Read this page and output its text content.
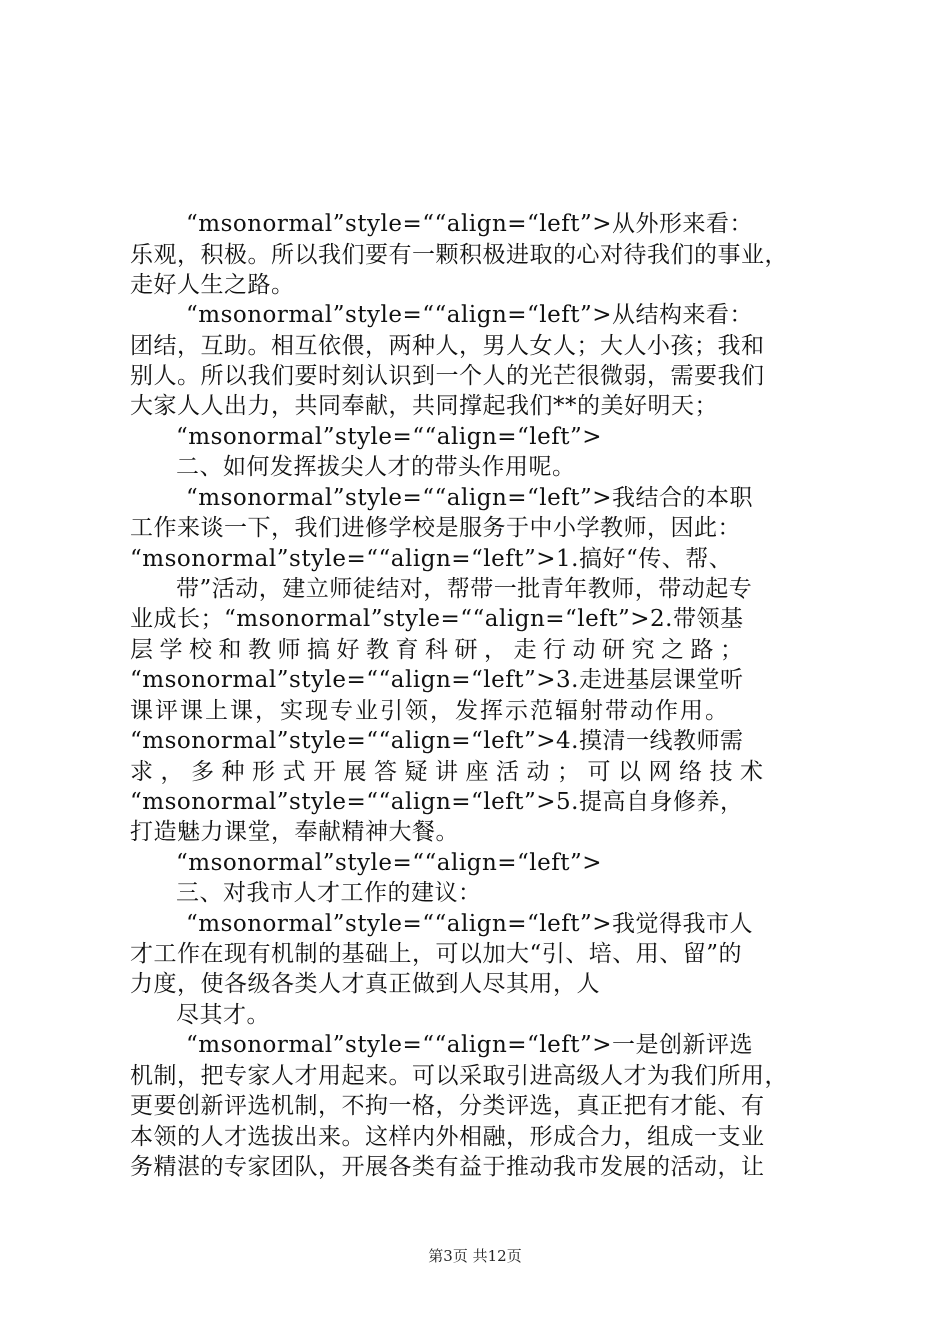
“msonormal”style=““align=“left”>从外形来看：
乐观，积极。所以我们要有一颗积极进取的心对待我们的事业，
走好人生之路。
“msonormal”style=““align=“left”>从结构来看：
团结，互助。相互依偎，两种人，男人女人；大人小孩；我和
别人。所以我们要时刻认识到一个人的光芒很微弱，需要我们
大家人人出力，共同奉献，共同撑起我们**的美好明天；
“msonormal”style=““align=“left”>
二、如何发挥拔尖人才的带头作用呢。
“msonormal”style=““align=“left”>我结合的本职
工作来谈一下，我们进修学校是服务于中小学教师，因此：
“msonormal”style=““align=“left”>1.搞好“传、帮、
带”活动，建立师徒结对，帮带一批青年教师，带动起专
业成长；“msonormal”style=““align=“left”>2.带领基
层学校和教师搞好教育科研，走行动研究之路；
“msonormal”style=““align=“left”>3.走进基层课堂听
课评课上课，实现专业引领，发挥示范辐射带动作用。
“msonormal”style=““align=“left”>4.摸清一线教师需
求，多种形式开展答疑讲座活动；可以网络技术
“msonormal”style=““align=“left”>5.提高自身修养，
打造魅力课堂，奉献精神大餐。
“msonormal”style=““align=“left”>
三、对我市人才工作的建议：
“msonormal”style=““align=“left”>我觉得我市人
才工作在现有机制的基础上，可以加大“引、培、用、留”的
力度，使各级各类人才真正做到人尽其用，人
尽其才。
“msonormal”style=““align=“left”>一是创新评选
机制，把专家人才用起来。可以采取引进高级人才为我们所用，
更要创新评选机制，不拘一格，分类评选，真正把有才能、有
本领的人才选拔出来。这样内外相融，形成合力，组成一支业
务精湛的专家团队，开展各类有益于推动我市发展的活动，让
第3页 共12页
